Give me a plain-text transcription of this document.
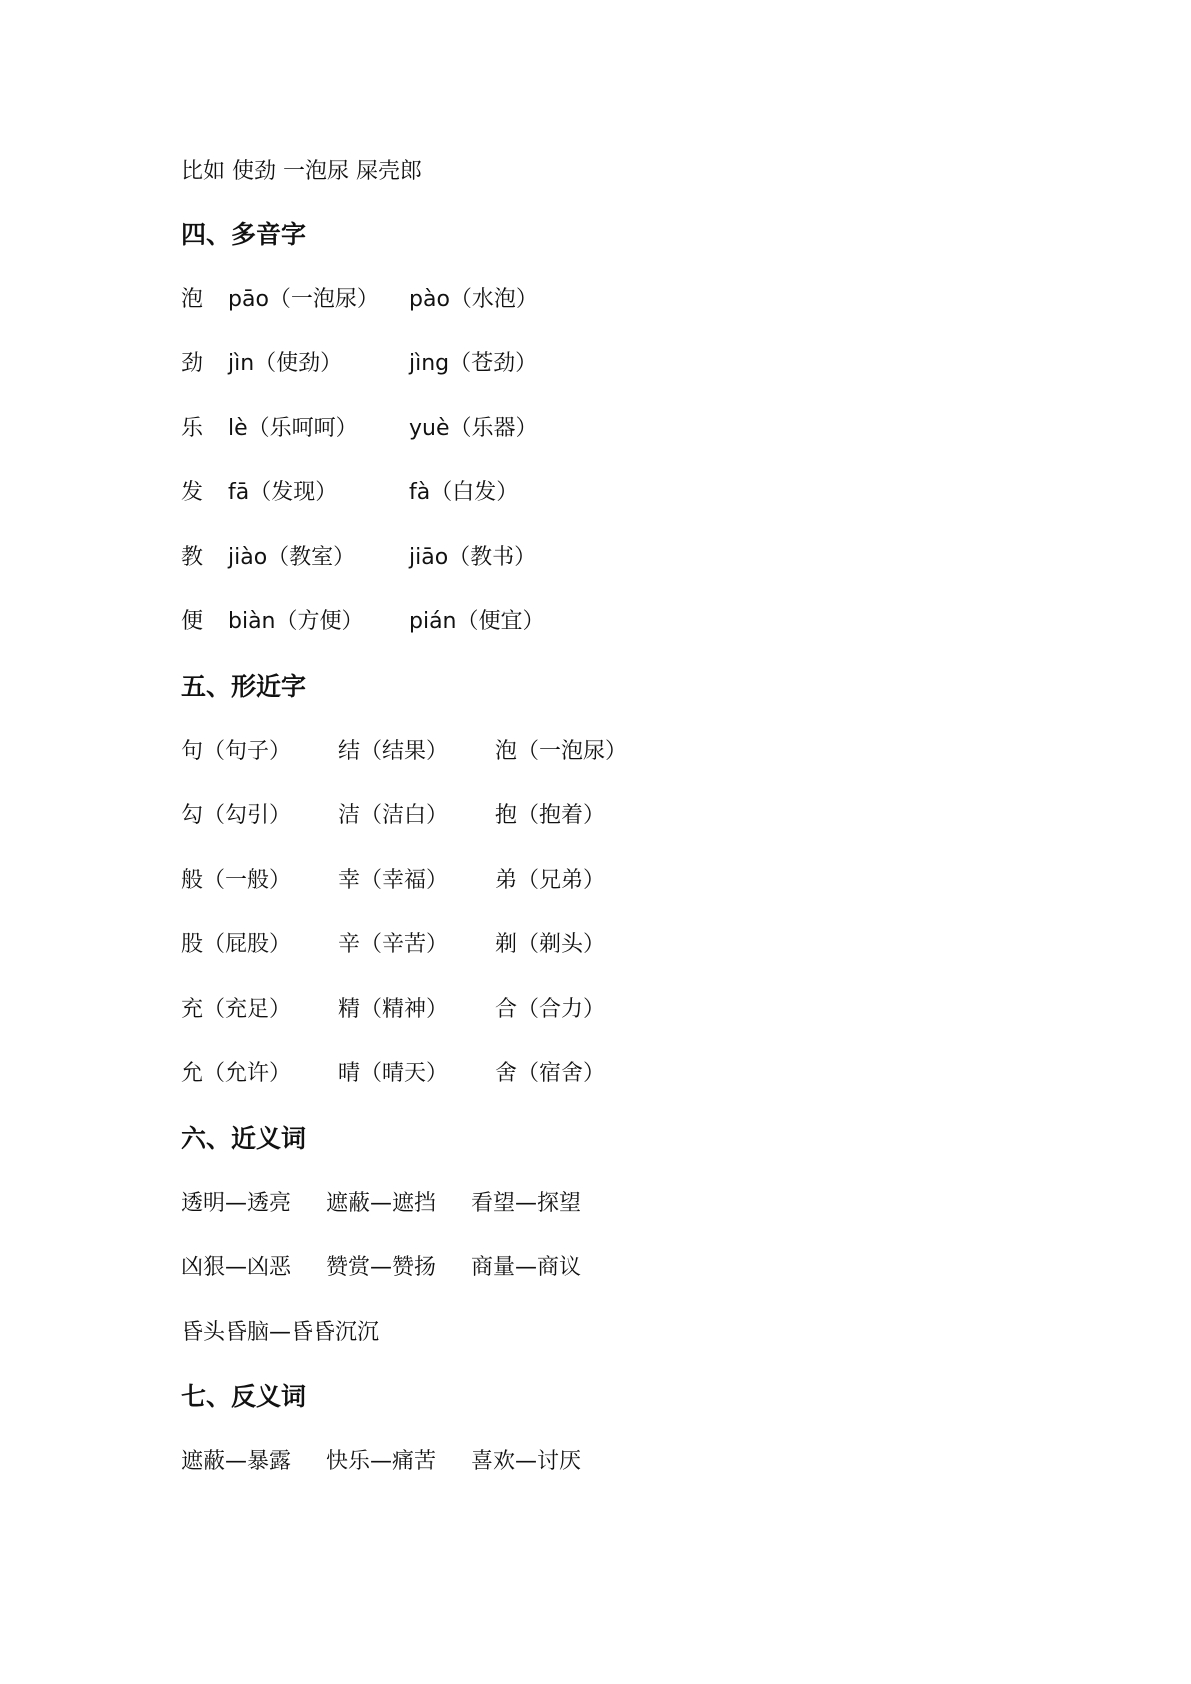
比如 使劲 一泡尿 屎壳郎
四、多音字

泡

pāo（一泡尿）

pào（水泡）

劲

jìn（使劲）

	jìng（苍劲）

乐

lè（乐呵呵）

yuè（乐器）

发

fā（发现）

	fà（白发）

教

jiào（教室）

jiāo（教书）

便

biàn（方便）

pián（便宜）

五、形近字

句（句子）

结（结果）

泡（一泡尿）

勾（勾引）

洁（洁白）

抱（抱着）

般（一般）

幸（幸福）

弟（兄弟）

股（屁股）

辛（辛苦）

剃（剃头）

充（充足）

精（精神）

合（合力）

允（允许）

晴（晴天）

舍（宿舍）

六、近义词

透明—透亮

遮蔽—遮挡

看望—探望

凶狠—凶恶

赞赏—赞扬

商量—商议

昏头昏脑—昏昏沉沉

七、反义词

遮蔽—暴露

快乐—痛苦

喜欢—讨厌
